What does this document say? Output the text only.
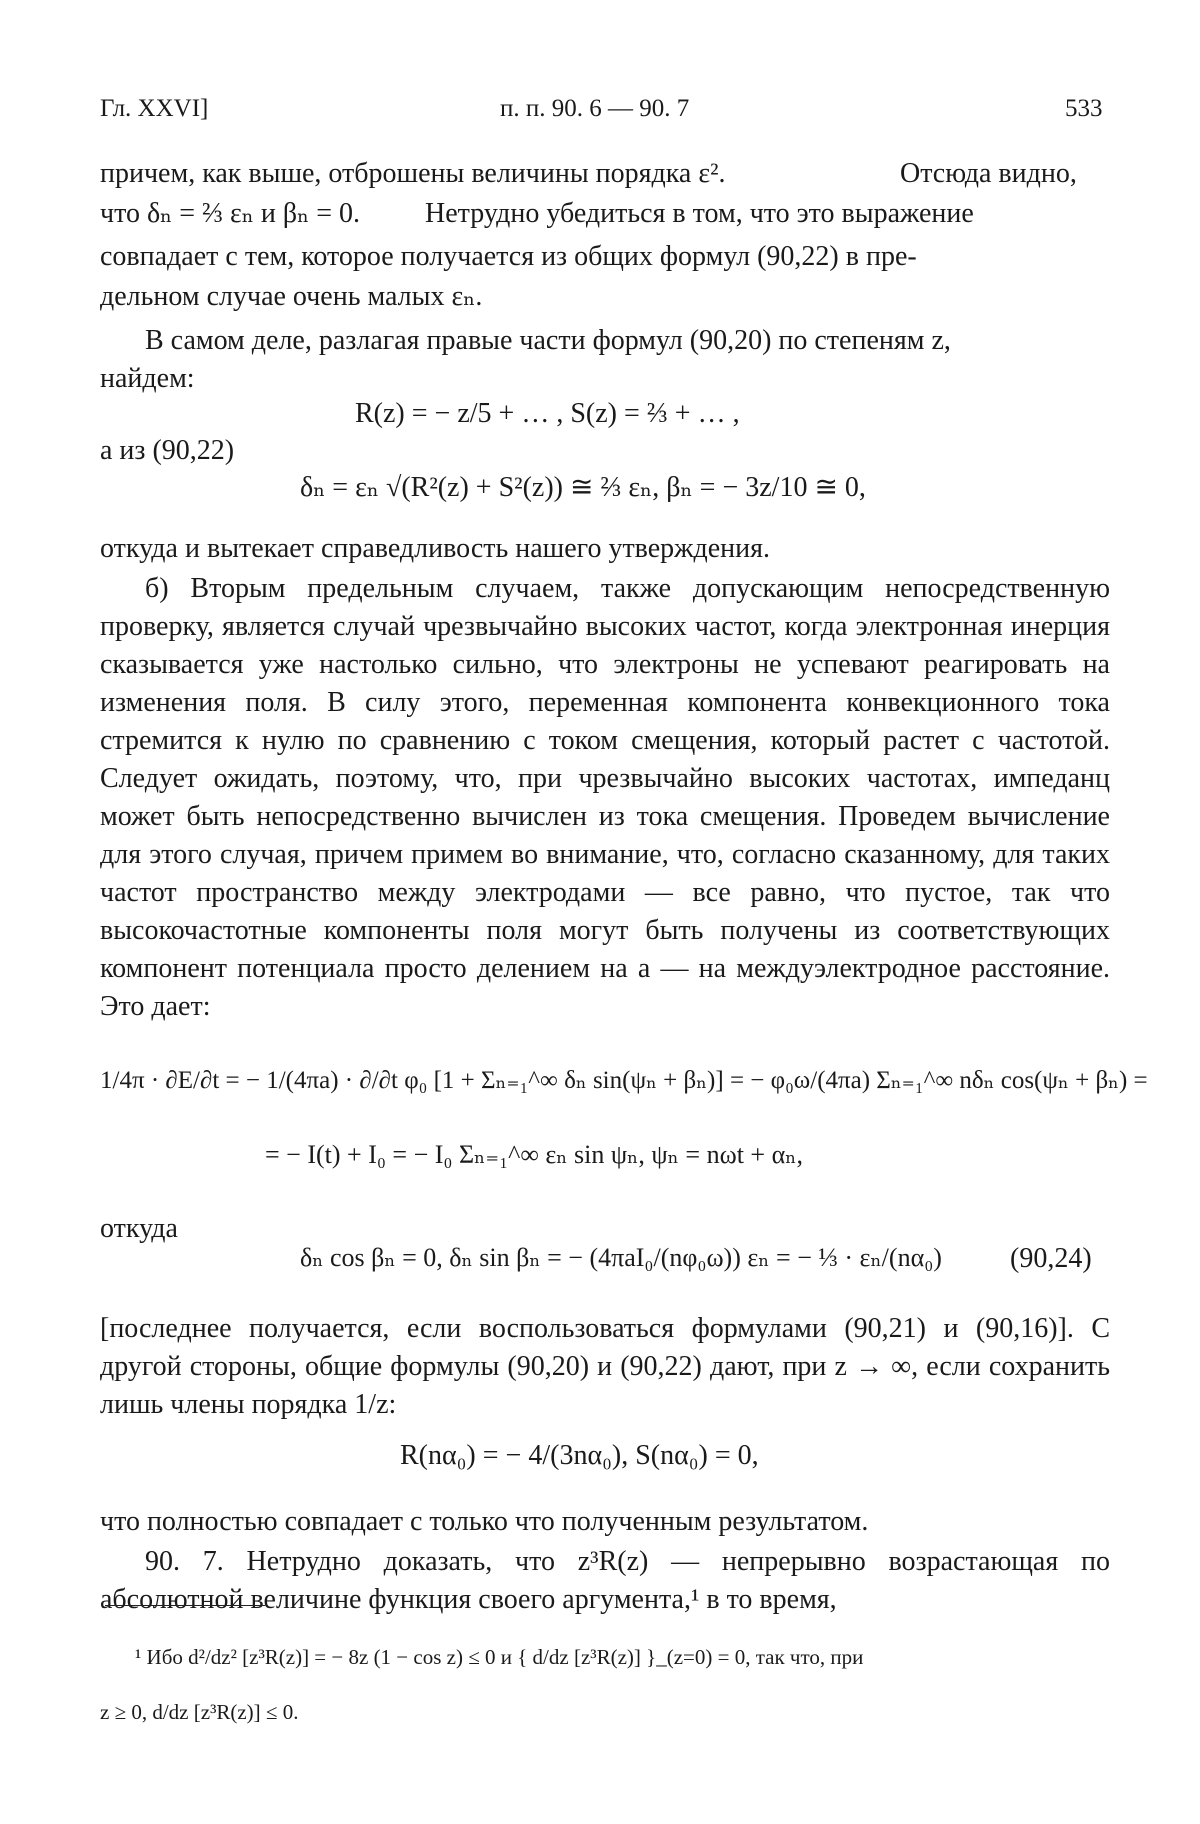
Гл. XXVI]	п. п. 90. 6 — 90. 7	533
причем, как выше, отброшены величины порядка ε².	Отсюда видно,
что δₙ = ⅔ εₙ и βₙ = 0. Нетрудно убедиться в том, что это выражение
совпадает с тем, которое получается из общих формул (90,22) в пре-
дельном случае очень малых εₙ.
В самом деле, разлагая правые части формул (90,20) по степеням z,
найдем:
R(z) = − z/5 + … , S(z) = ⅔ + … ,
а из (90,22)
δₙ = εₙ √(R²(z) + S²(z)) ≅ ⅔ εₙ, βₙ = − 3z/10 ≅ 0,
откуда и вытекает справедливость нашего утверждения.
б) Вторым предельным случаем, также допускающим непосредственную проверку, является случай чрезвычайно высоких частот, когда электронная инерция сказывается уже настолько сильно, что электроны не успевают реагировать на изменения поля. В силу этого, переменная компонента конвекционного тока стремится к нулю по сравнению с током смещения, который растет с частотой. Следует ожидать, поэтому, что, при чрезвычайно высоких частотах, импеданц может быть непосредственно вычислен из тока смещения. Проведем вычисление для этого случая, причем примем во внимание, что, согласно сказанному, для таких частот пространство между электродами — все равно, что пустое, так что высокочастотные компоненты поля могут быть получены из соответствующих компонент потенциала просто делением на a — на междуэлектродное расстояние. Это дает:
1/4π · ∂E/∂t = − 1/(4πa) · ∂/∂t φ₀ [1 + Σₙ₌₁^∞ δₙ sin(ψₙ + βₙ)] = − φ₀ω/(4πa) Σₙ₌₁^∞ nδₙ cos(ψₙ + βₙ) =
= − I(t) + I₀ = − I₀ Σₙ₌₁^∞ εₙ sin ψₙ, ψₙ = nωt + αₙ,
откуда
δₙ cos βₙ = 0, δₙ sin βₙ = − (4πaI₀/(nφ₀ω)) εₙ = − ⅓ · εₙ/(nα₀) (90,24)
[последнее получается, если воспользоваться формулами (90,21) и (90,16)]. С другой стороны, общие формулы (90,20) и (90,22) дают, при z → ∞, если сохранить лишь члены порядка 1/z:
R(nα₀) = − 4/(3nα₀), S(nα₀) = 0,
что полностью совпадает с только что полученным результатом.
90. 7. Нетрудно доказать, что z³R(z) — непрерывно возрастающая по абсолютной величине функция своего аргумента,¹ в то время,
¹ Ибо d²/dz² [z³R(z)] = − 8z (1 − cos z) ≤ 0 и { d/dz [z³R(z)] }_(z=0) = 0, так что, при
z ≥ 0, d/dz [z³R(z)] ≤ 0.
